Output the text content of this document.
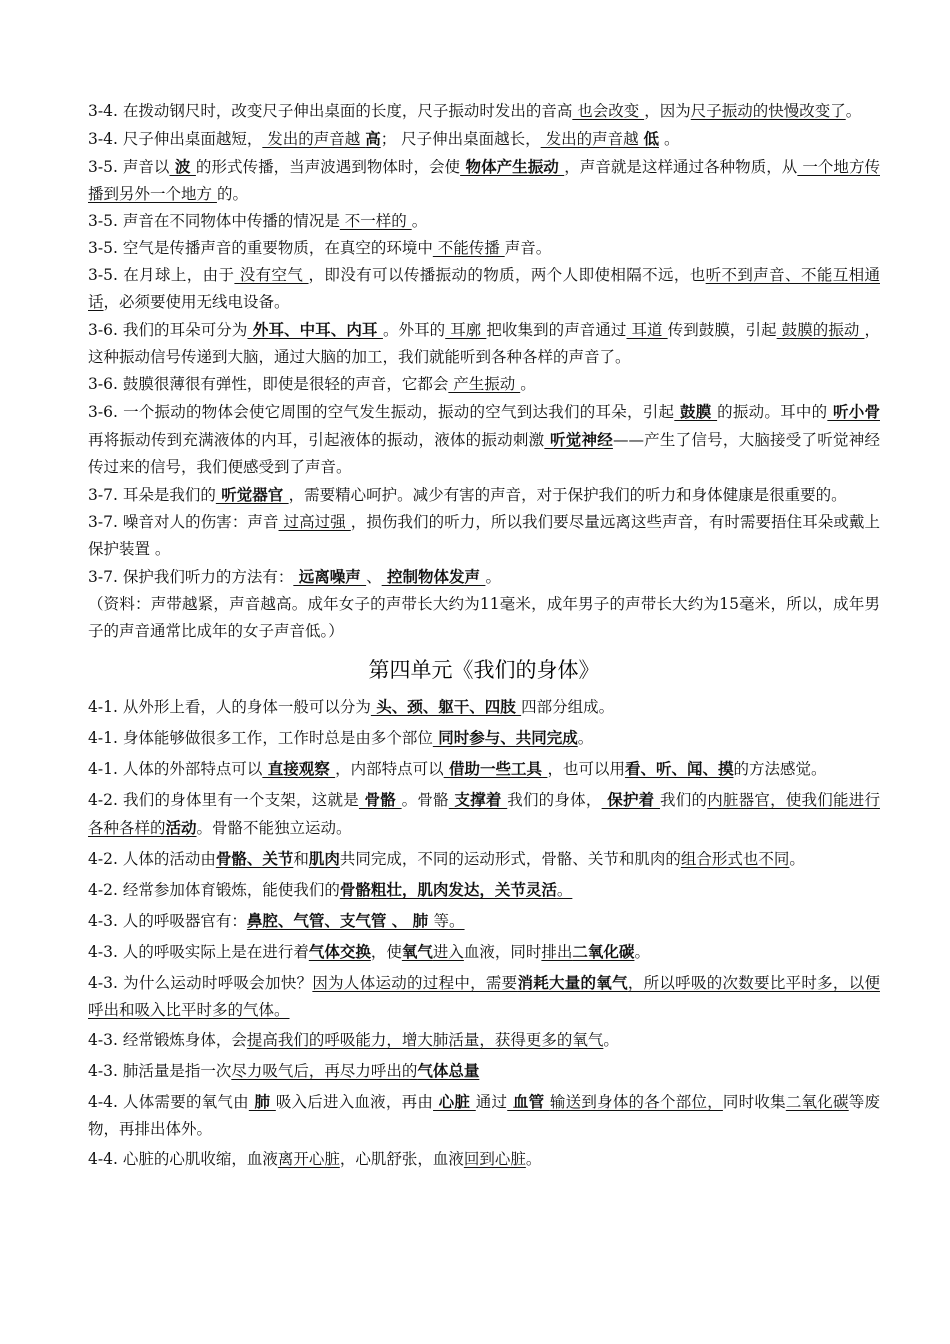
3-4. 在拨动钢尺时，改变尺子伸出桌面的长度，尺子振动时发出的音高 也会改变 ，因为尺子振动的快慢改变了。

3-4. 尺子伸出桌面越短， 发出的声音越 高； 尺子伸出桌面越长， 发出的声音越 低 。

3-5. 声音以 波 的形式传播，当声波遇到物体时，会使 物体产生振动 ，声音就是这样通过各种物质，从 一个地方传播到另外一个地方 的。

3-5. 声音在不同物体中传播的情况是 不一样的 。

3-5. 空气是传播声音的重要物质，在真空的环境中 不能传播 声音。

3-5. 在月球上，由于 没有空气 ，即没有可以传播振动的物质，两个人即使相隔不远，也听不到声音、不能互相通话，必须要使用无线电设备。

3-6. 我们的耳朵可分为 外耳、中耳、内耳 。外耳的 耳廓 把收集到的声音通过 耳道 传到鼓膜，引起 鼓膜的振动 ，这种振动信号传递到大脑，通过大脑的加工，我们就能听到各种各样的声音了。

3-6. 鼓膜很薄很有弹性，即使是很轻的声音，它都会 产生振动 。

3-6. 一个振动的物体会使它周围的空气发生振动，振动的空气到达我们的耳朵，引起 鼓膜 的振动。耳中的 听小骨 再将振动传到充满液体的内耳，引起液体的振动，液体的振动刺激 听觉神经——产生了信号，大脑接受了听觉神经传过来的信号，我们便感受到了声音。

3-7. 耳朵是我们的 听觉器官 ，需要精心呵护。减少有害的声音，对于保护我们的听力和身体健康是很重要的。

3-7. 噪音对人的伤害：声音 过高过强 ，损伤我们的听力，所以我们要尽量远离这些声音，有时需要捂住耳朵或戴上保护装置 。

3-7. 保护我们听力的方法有： 远离噪声 、 控制物体发声 。

（资料：声带越紧，声音越高。成年女子的声带长大约为11毫米，成年男子的声带长大约为15毫米，所以，成年男子的声音通常比成年的女子声音低。）

第四单元《我们的身体》

4-1. 从外形上看，人的身体一般可以分为 头、颈、躯干、四肢 四部分组成。

4-1. 身体能够做很多工作，工作时总是由多个部位 同时参与、共同完成。

4-1. 人体的外部特点可以 直接观察 ，内部特点可以 借助一些工具 ，也可以用看、听、闻、摸的方法感觉。

4-2. 我们的身体里有一个支架，这就是 骨骼 。骨骼 支撑着 我们的身体， 保护着 我们的内脏器官，使我们能进行各种各样的活动。骨骼不能独立运动。

4-2. 人体的活动由骨骼、关节和肌肉共同完成，不同的运动形式，骨骼、关节和肌肉的组合形式也不同。

4-2. 经常参加体育锻炼，能使我们的骨骼粗壮，肌肉发达，关节灵活。

4-3. 人的呼吸器官有：鼻腔、气管、支气管 、 肺 等。

4-3. 人的呼吸实际上是在进行着气体交换，使氧气进入血液，同时排出二氧化碳。

4-3. 为什么运动时呼吸会加快？因为人体运动的过程中，需要消耗大量的氧气，所以呼吸的次数要比平时多，以便呼出和吸入比平时多的气体。

4-3. 经常锻炼身体，会提高我们的呼吸能力，增大肺活量，获得更多的氧气。

4-3. 肺活量是指一次尽力吸气后，再尽力呼出的气体总量

4-4. 人体需要的氧气由 肺 吸入后进入血液，再由 心脏 通过 血管 输送到身体的各个部位，同时收集二氧化碳等废物，再排出体外。

4-4. 心脏的心肌收缩，血液离开心脏，心肌舒张，血液回到心脏。
